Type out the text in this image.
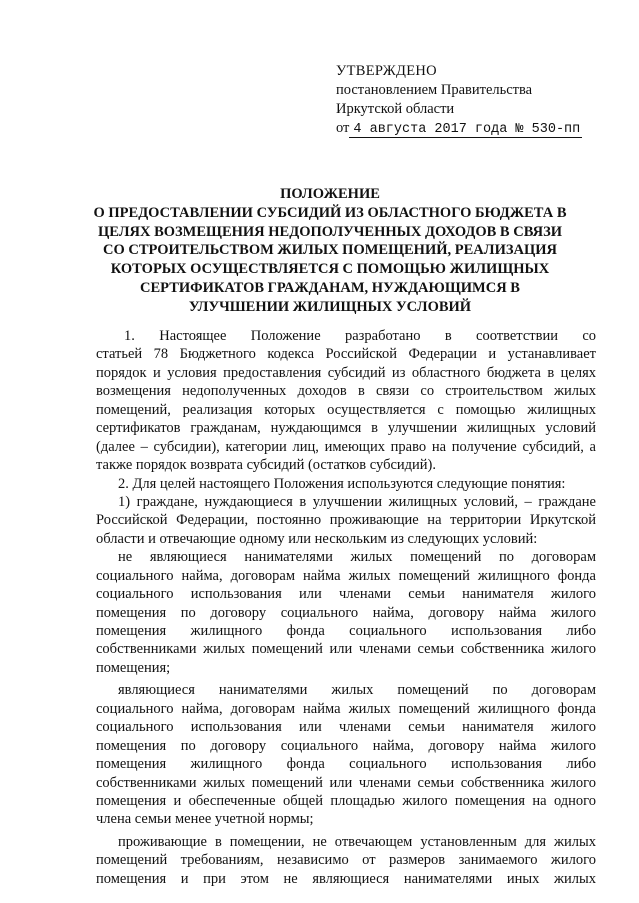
УТВЕРЖДЕНО
постановлением Правительства
Иркутской области
от 4 августа 2017 года № 530-пп
ПОЛОЖЕНИЕ
О ПРЕДОСТАВЛЕНИИ СУБСИДИЙ ИЗ ОБЛАСТНОГО БЮДЖЕТА В
ЦЕЛЯХ ВОЗМЕЩЕНИЯ НЕДОПОЛУЧЕННЫХ ДОХОДОВ В СВЯЗИ
СО СТРОИТЕЛЬСТВОМ ЖИЛЫХ ПОМЕЩЕНИЙ, РЕАЛИЗАЦИЯ
КОТОРЫХ ОСУЩЕСТВЛЯЕТСЯ С ПОМОЩЬЮ ЖИЛИЩНЫХ
СЕРТИФИКАТОВ ГРАЖДАНАМ, НУЖДАЮЩИМСЯ В
УЛУЧШЕНИИ ЖИЛИЩНЫХ УСЛОВИЙ
1. Настоящее Положение разработано в соответствии со
статьей 78 Бюджетного кодекса Российской Федерации и устанавливает
порядок и условия предоставления субсидий из областного бюджета в целях
возмещения недополученных доходов в связи со строительством жилых
помещений, реализация которых осуществляется с помощью жилищных
сертификатов гражданам, нуждающимся в улучшении жилищных условий
(далее – субсидии), категории лиц, имеющих право на получение субсидий, а
также порядок возврата субсидий (остатков субсидий).
2. Для целей настоящего Положения используются следующие понятия:
1) граждане, нуждающиеся в улучшении жилищных условий, – граждане
Российской Федерации, постоянно проживающие на территории Иркутской
области и отвечающие одному или нескольким из следующих условий:
не являющиеся нанимателями жилых помещений по договорам
социального найма, договорам найма жилых помещений жилищного фонда
социального использования или членами семьи нанимателя жилого
помещения по договору социального найма, договору найма жилого
помещения жилищного фонда социального использования либо
собственниками жилых помещений или членами семьи собственника жилого
помещения;
являющиеся нанимателями жилых помещений по договорам
социального найма, договорам найма жилых помещений жилищного фонда
социального использования или членами семьи нанимателя жилого
помещения по договору социального найма, договору найма жилого
помещения жилищного фонда социального использования либо
собственниками жилых помещений или членами семьи собственника жилого
помещения и обеспеченные общей площадью жилого помещения на одного
члена семьи менее учетной нормы;
проживающие в помещении, не отвечающем установленным для жилых
помещений требованиям, независимо от размеров занимаемого жилого
помещения и при этом не являющиеся нанимателями иных жилых
